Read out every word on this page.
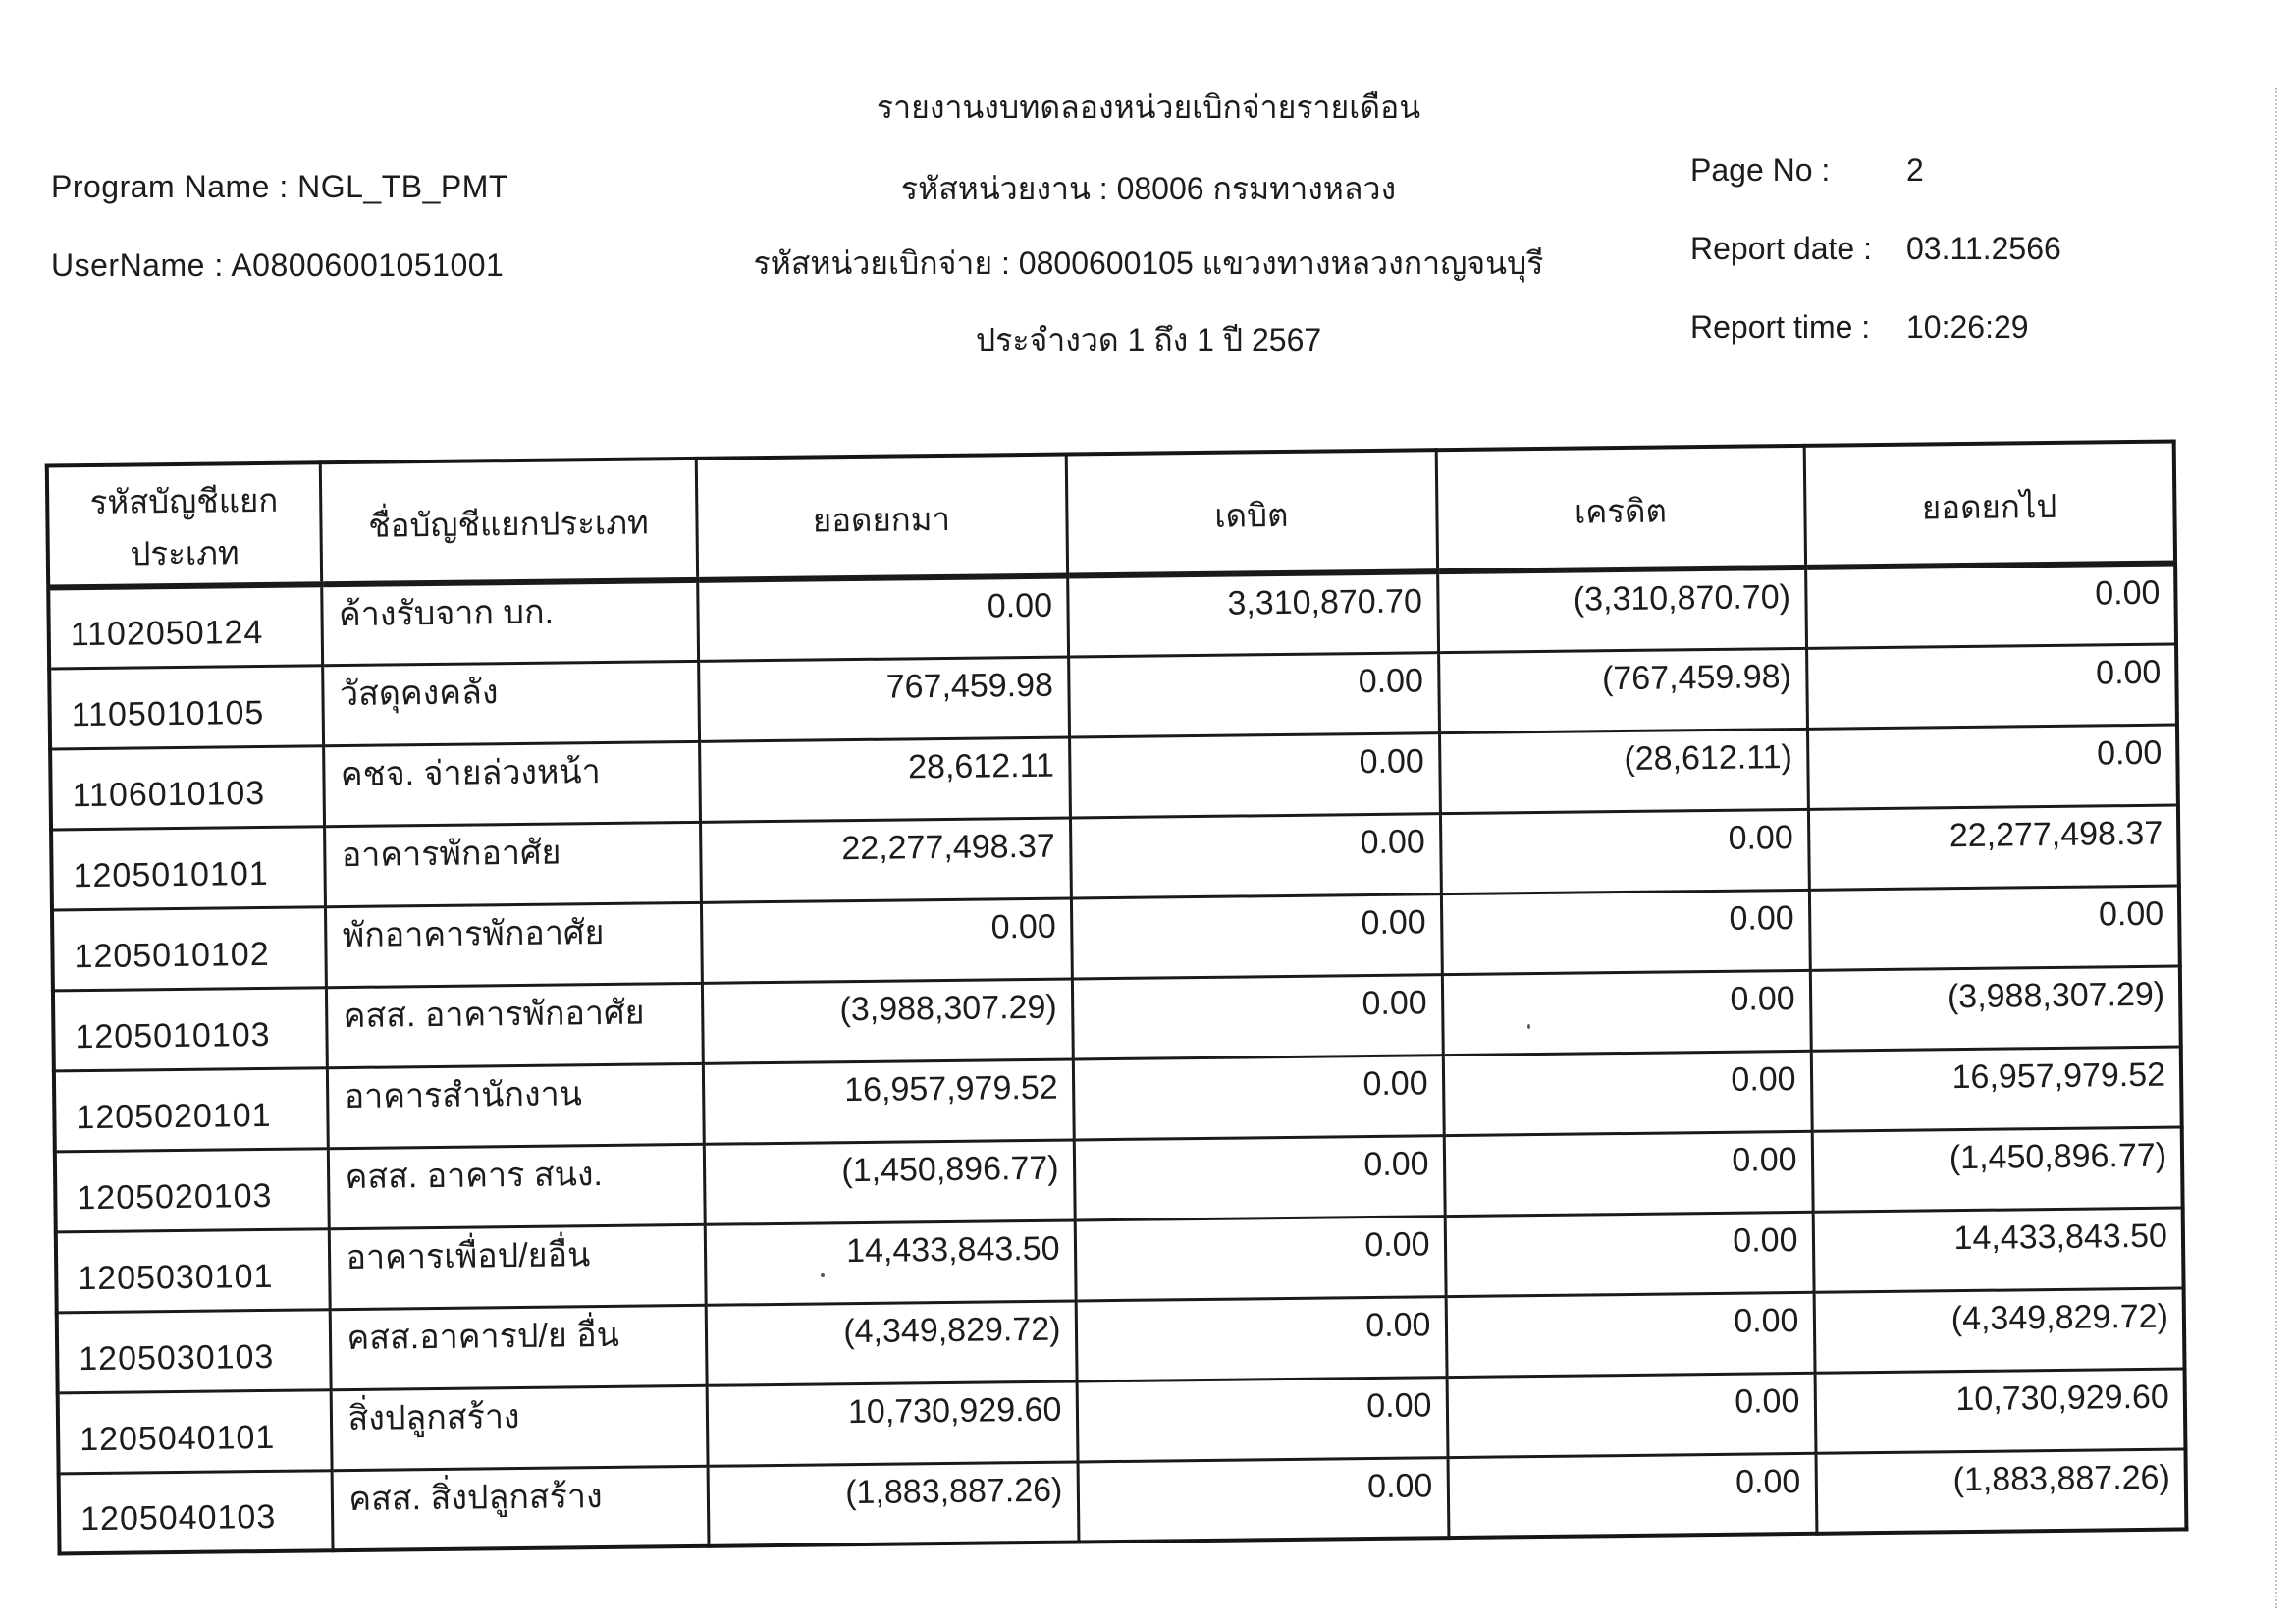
Program Name : NGL_TB_PMT
UserName : A08006001051001
รายงานงบทดลองหน่วยเบิกจ่ายรายเดือน
รหัสหน่วยงาน : 08006 กรมทางหลวง
รหัสหน่วยเบิกจ่าย : 0800600105 แขวงทางหลวงกาญจนบุรี
ประจำงวด 1 ถึง 1 ปี 2567
Page No : 2
Report date : 03.11.2566
Report time : 10:26:29
รหัสบัญชีแยกประเภท	ชื่อบัญชีแยกประเภท	ยอดยกมา	เดบิต	เครดิต	ยอดยกไป
1102050124	ค้างรับจาก บก.	0.00	3,310,870.70	(3,310,870.70)	0.00
1105010105	วัสดุคงคลัง	767,459.98	0.00	(767,459.98)	0.00
1106010103	คชจ. จ่ายล่วงหน้า	28,612.11	0.00	(28,612.11)	0.00
1205010101	อาคารพักอาศัย	22,277,498.37	0.00	0.00	22,277,498.37
1205010102	พักอาคารพักอาศัย	0.00	0.00	0.00	0.00
1205010103	คสส. อาคารพักอาศัย	(3,988,307.29)	0.00	0.00	(3,988,307.29)
1205020101	อาคารสำนักงาน	16,957,979.52	0.00	0.00	16,957,979.52
1205020103	คสส. อาคาร สนง.	(1,450,896.77)	0.00	0.00	(1,450,896.77)
1205030101	อาคารเพื่อป/ยอื่น	14,433,843.50	0.00	0.00	14,433,843.50
1205030103	คสส.อาคารป/ย อื่น	(4,349,829.72)	0.00	0.00	(4,349,829.72)
1205040101	สิ่งปลูกสร้าง	10,730,929.60	0.00	0.00	10,730,929.60
1205040103	คสส. สิ่งปลูกสร้าง	(1,883,887.26)	0.00	0.00	(1,883,887.26)
